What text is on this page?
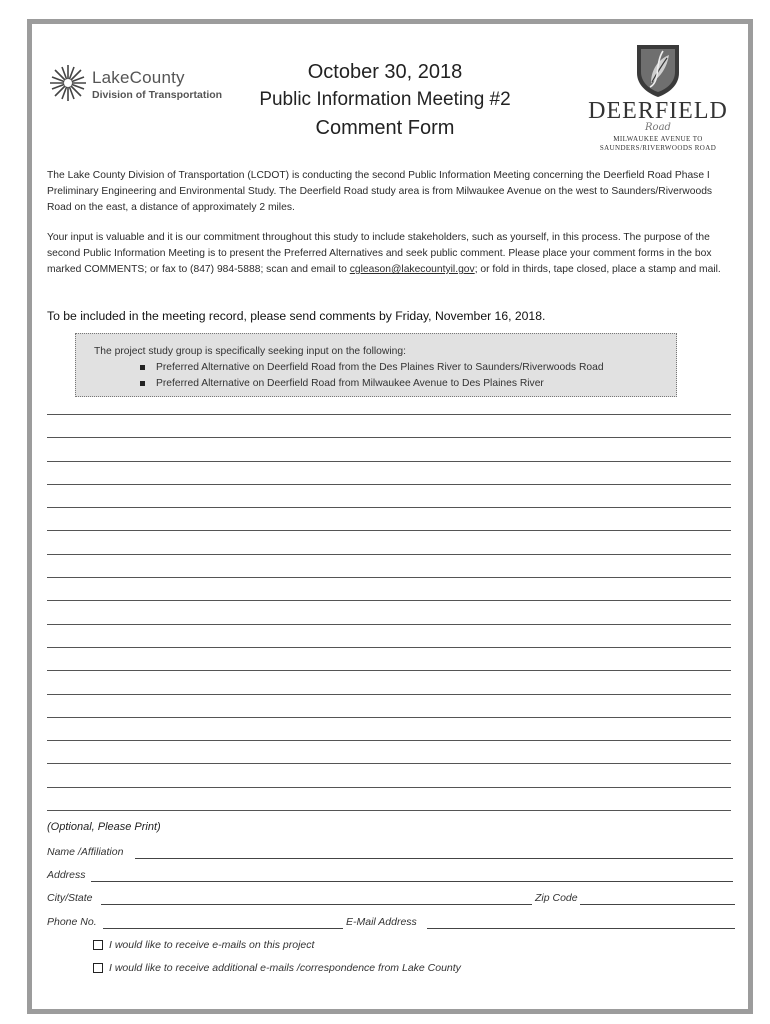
LakeCounty
Division of Transportation
October 30, 2018
Public Information Meeting #2
Comment Form
DEERFIELD
Road
MILWAUKEE AVENUE TO
SAUNDERS/RIVERWOODS ROAD

The Lake County Division of Transportation (LCDOT) is conducting the second Public Information Meeting concerning the Deerfield Road Phase I Preliminary Engineering and Environmental Study. The Deerfield Road study area is from Milwaukee Avenue on the west to Saunders/Riverwoods Road on the east, a distance of approximately 2 miles.

Your input is valuable and it is our commitment throughout this study to include stakeholders, such as yourself, in this process. The purpose of the second Public Information Meeting is to present the Preferred Alternatives and seek public comment. Please place your comment forms in the box marked COMMENTS; or fax to (847) 984-5888; scan and email to cgleason@lakecountyil.gov; or fold in thirds, tape closed, place a stamp and mail.

To be included in the meeting record, please send comments by Friday, November 16, 2018.
The project study group is specifically seeking input on the following:
Preferred Alternative on Deerfield Road from the Des Plaines River to Saunders/Riverwoods Road
Preferred Alternative on Deerfield Road from Milwaukee Avenue to Des Plaines River
(Optional, Please Print)
Name /Affiliation
Address
City/State	Zip Code
Phone No.	E-Mail Address
I would like to receive e-mails on this project
I would like to receive additional e-mails /correspondence from Lake County
